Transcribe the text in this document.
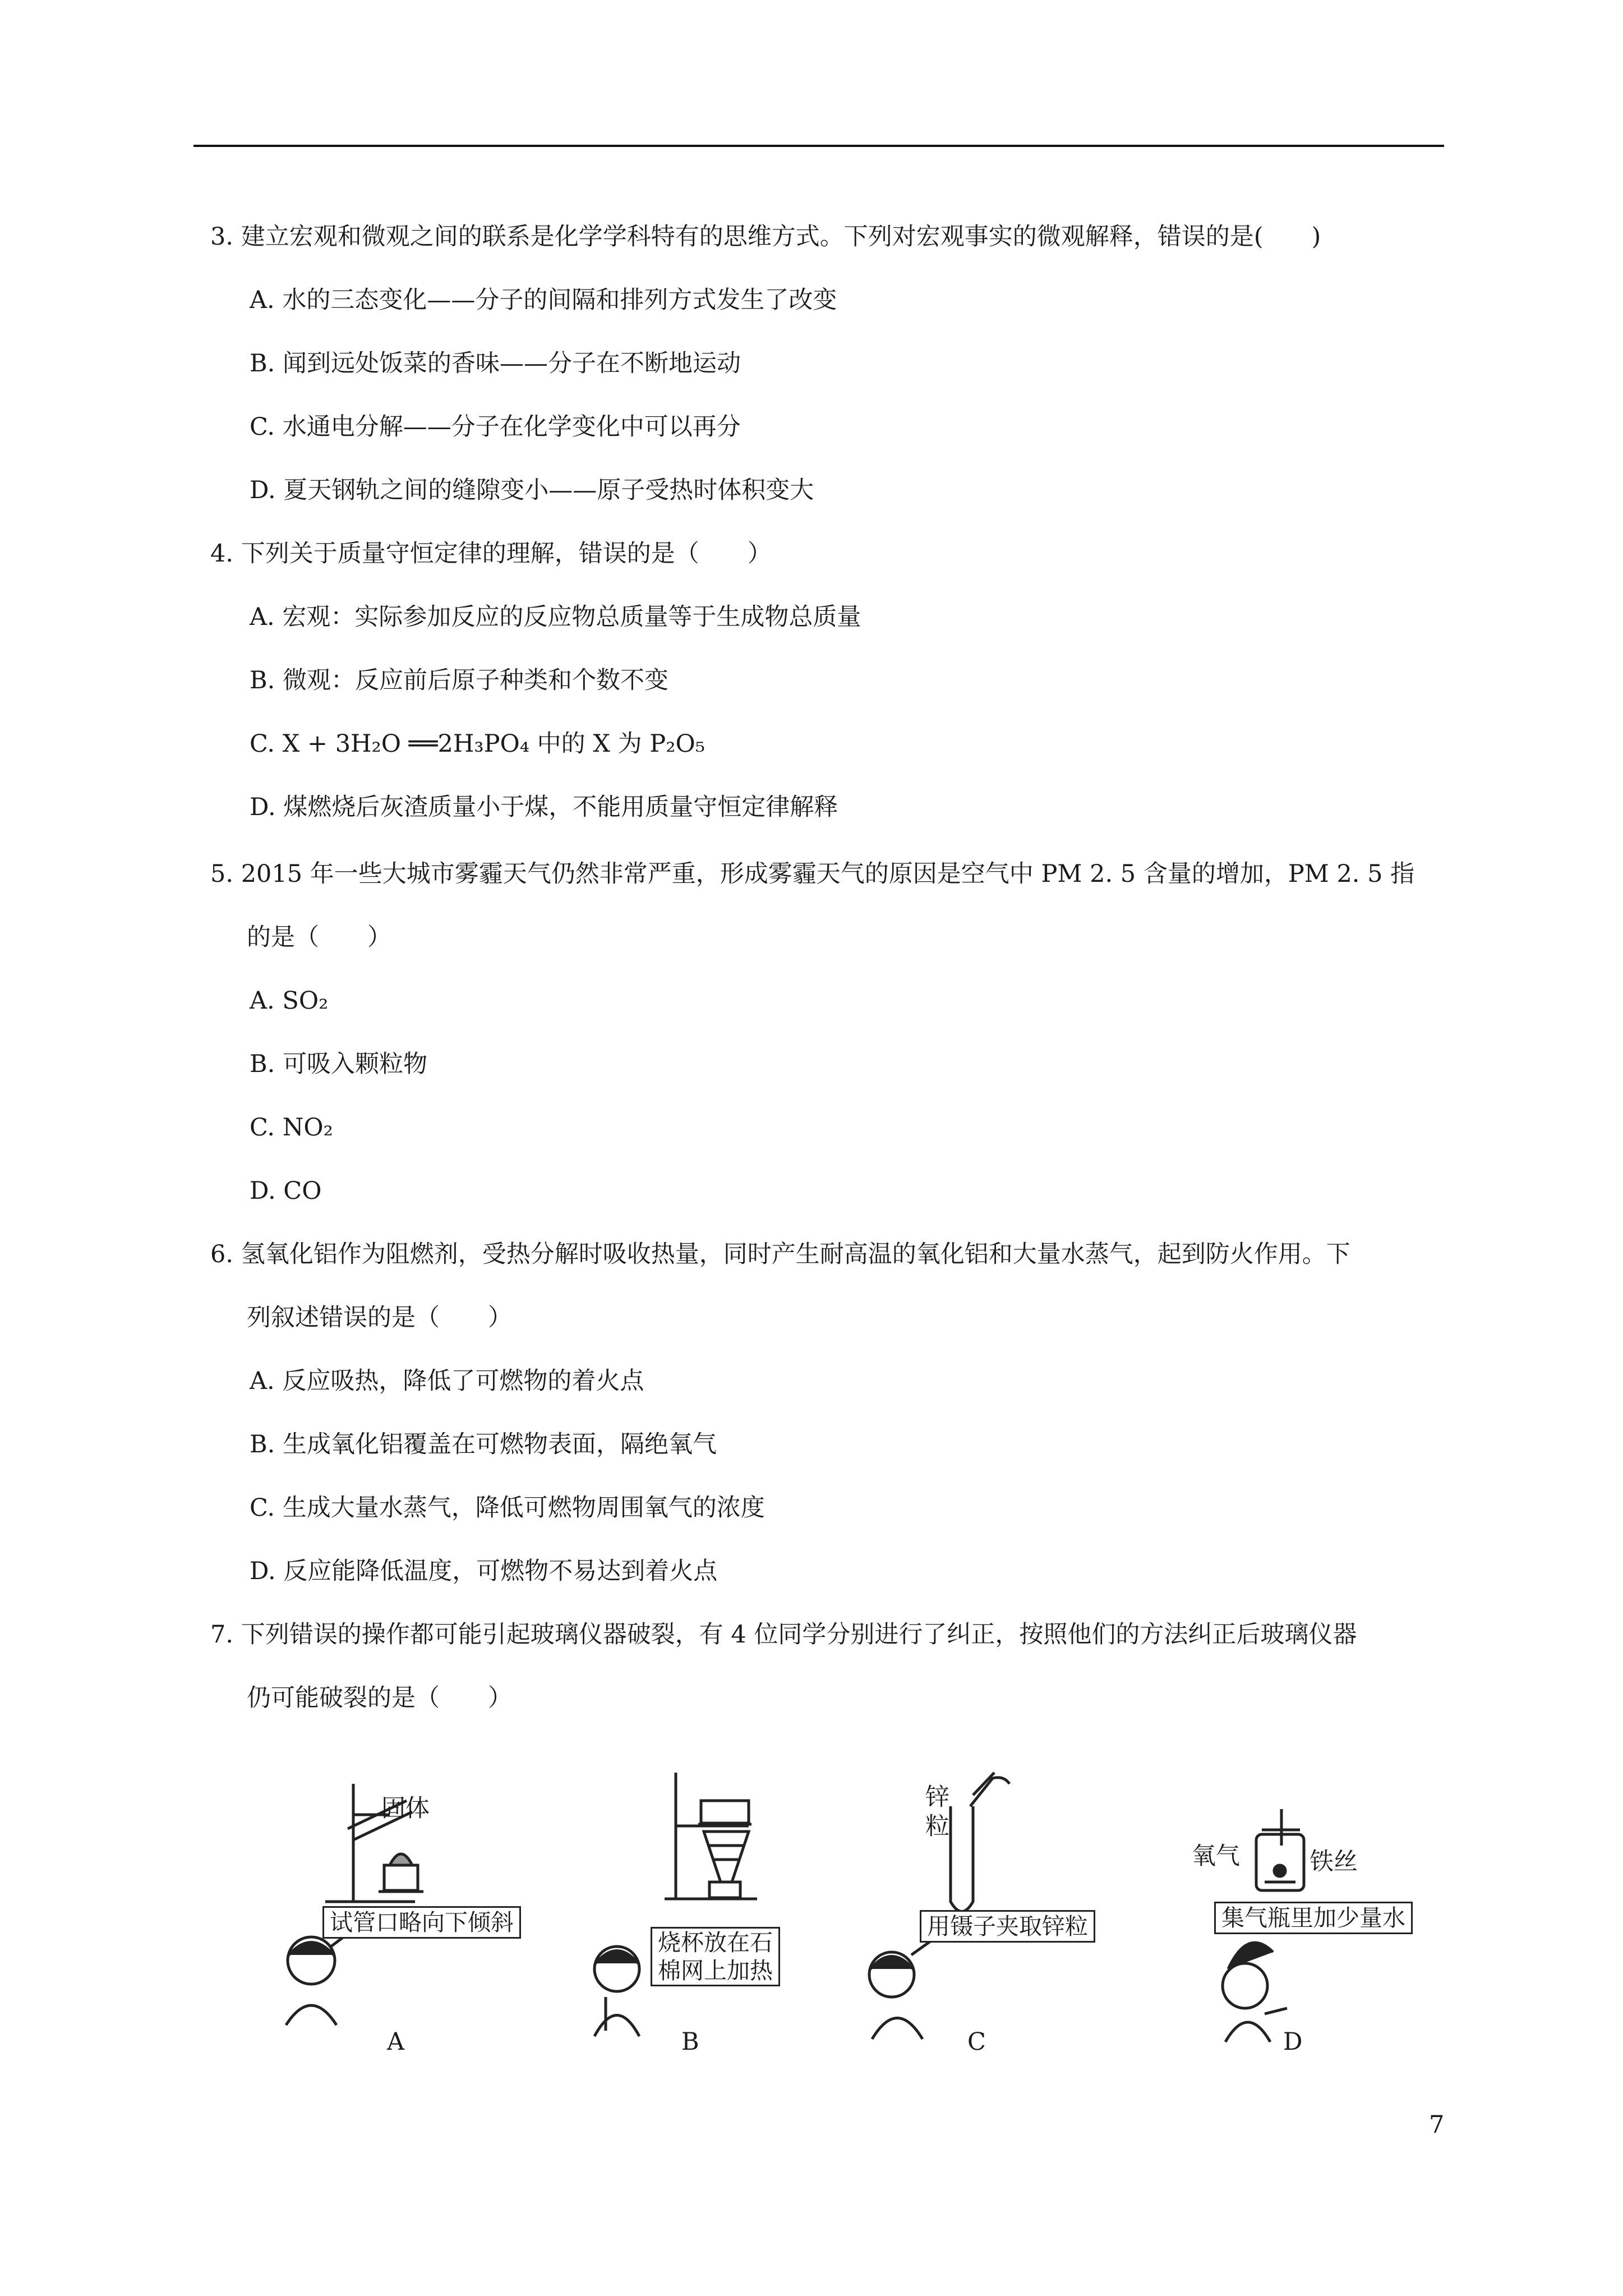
3. 建立宏观和微观之间的联系是化学学科特有的思维方式。下列对宏观事实的微观解释，错误的是(　　)
A. 水的三态变化——分子的间隔和排列方式发生了改变
B. 闻到远处饭菜的香味——分子在不断地运动
C. 水通电分解——分子在化学变化中可以再分
D. 夏天钢轨之间的缝隙变小——原子受热时体积变大
4. 下列关于质量守恒定律的理解，错误的是（　　）
A. 宏观：实际参加反应的反应物总质量等于生成物总质量
B. 微观：反应前后原子种类和个数不变
C. X + 3H₂O ══2H₃PO₄ 中的 X 为 P₂O₅
D. 煤燃烧后灰渣质量小于煤，不能用质量守恒定律解释
5. 2015 年一些大城市雾霾天气仍然非常严重，形成雾霾天气的原因是空气中 PM 2. 5 含量的增加，PM 2. 5 指
的是（　　）
A. SO₂
B. 可吸入颗粒物
C. NO₂
D. CO
6. 氢氧化铝作为阻燃剂，受热分解时吸收热量，同时产生耐高温的氧化铝和大量水蒸气，起到防火作用。下
列叙述错误的是（　　）
A. 反应吸热，降低了可燃物的着火点
B. 生成氧化铝覆盖在可燃物表面，隔绝氧气
C. 生成大量水蒸气，降低可燃物周围氧气的浓度
D. 反应能降低温度，可燃物不易达到着火点
7. 下列错误的操作都可能引起玻璃仪器破裂，有 4 位同学分别进行了纠正，按照他们的方法纠正后玻璃仪器
仍可能破裂的是（　　）
固体
试管口略向下倾斜
A
烧杯放在石
棉网上加热
B
锌
粒
用镊子夹取锌粒
C
氧气	铁丝
集气瓶里加少量水
D
7
